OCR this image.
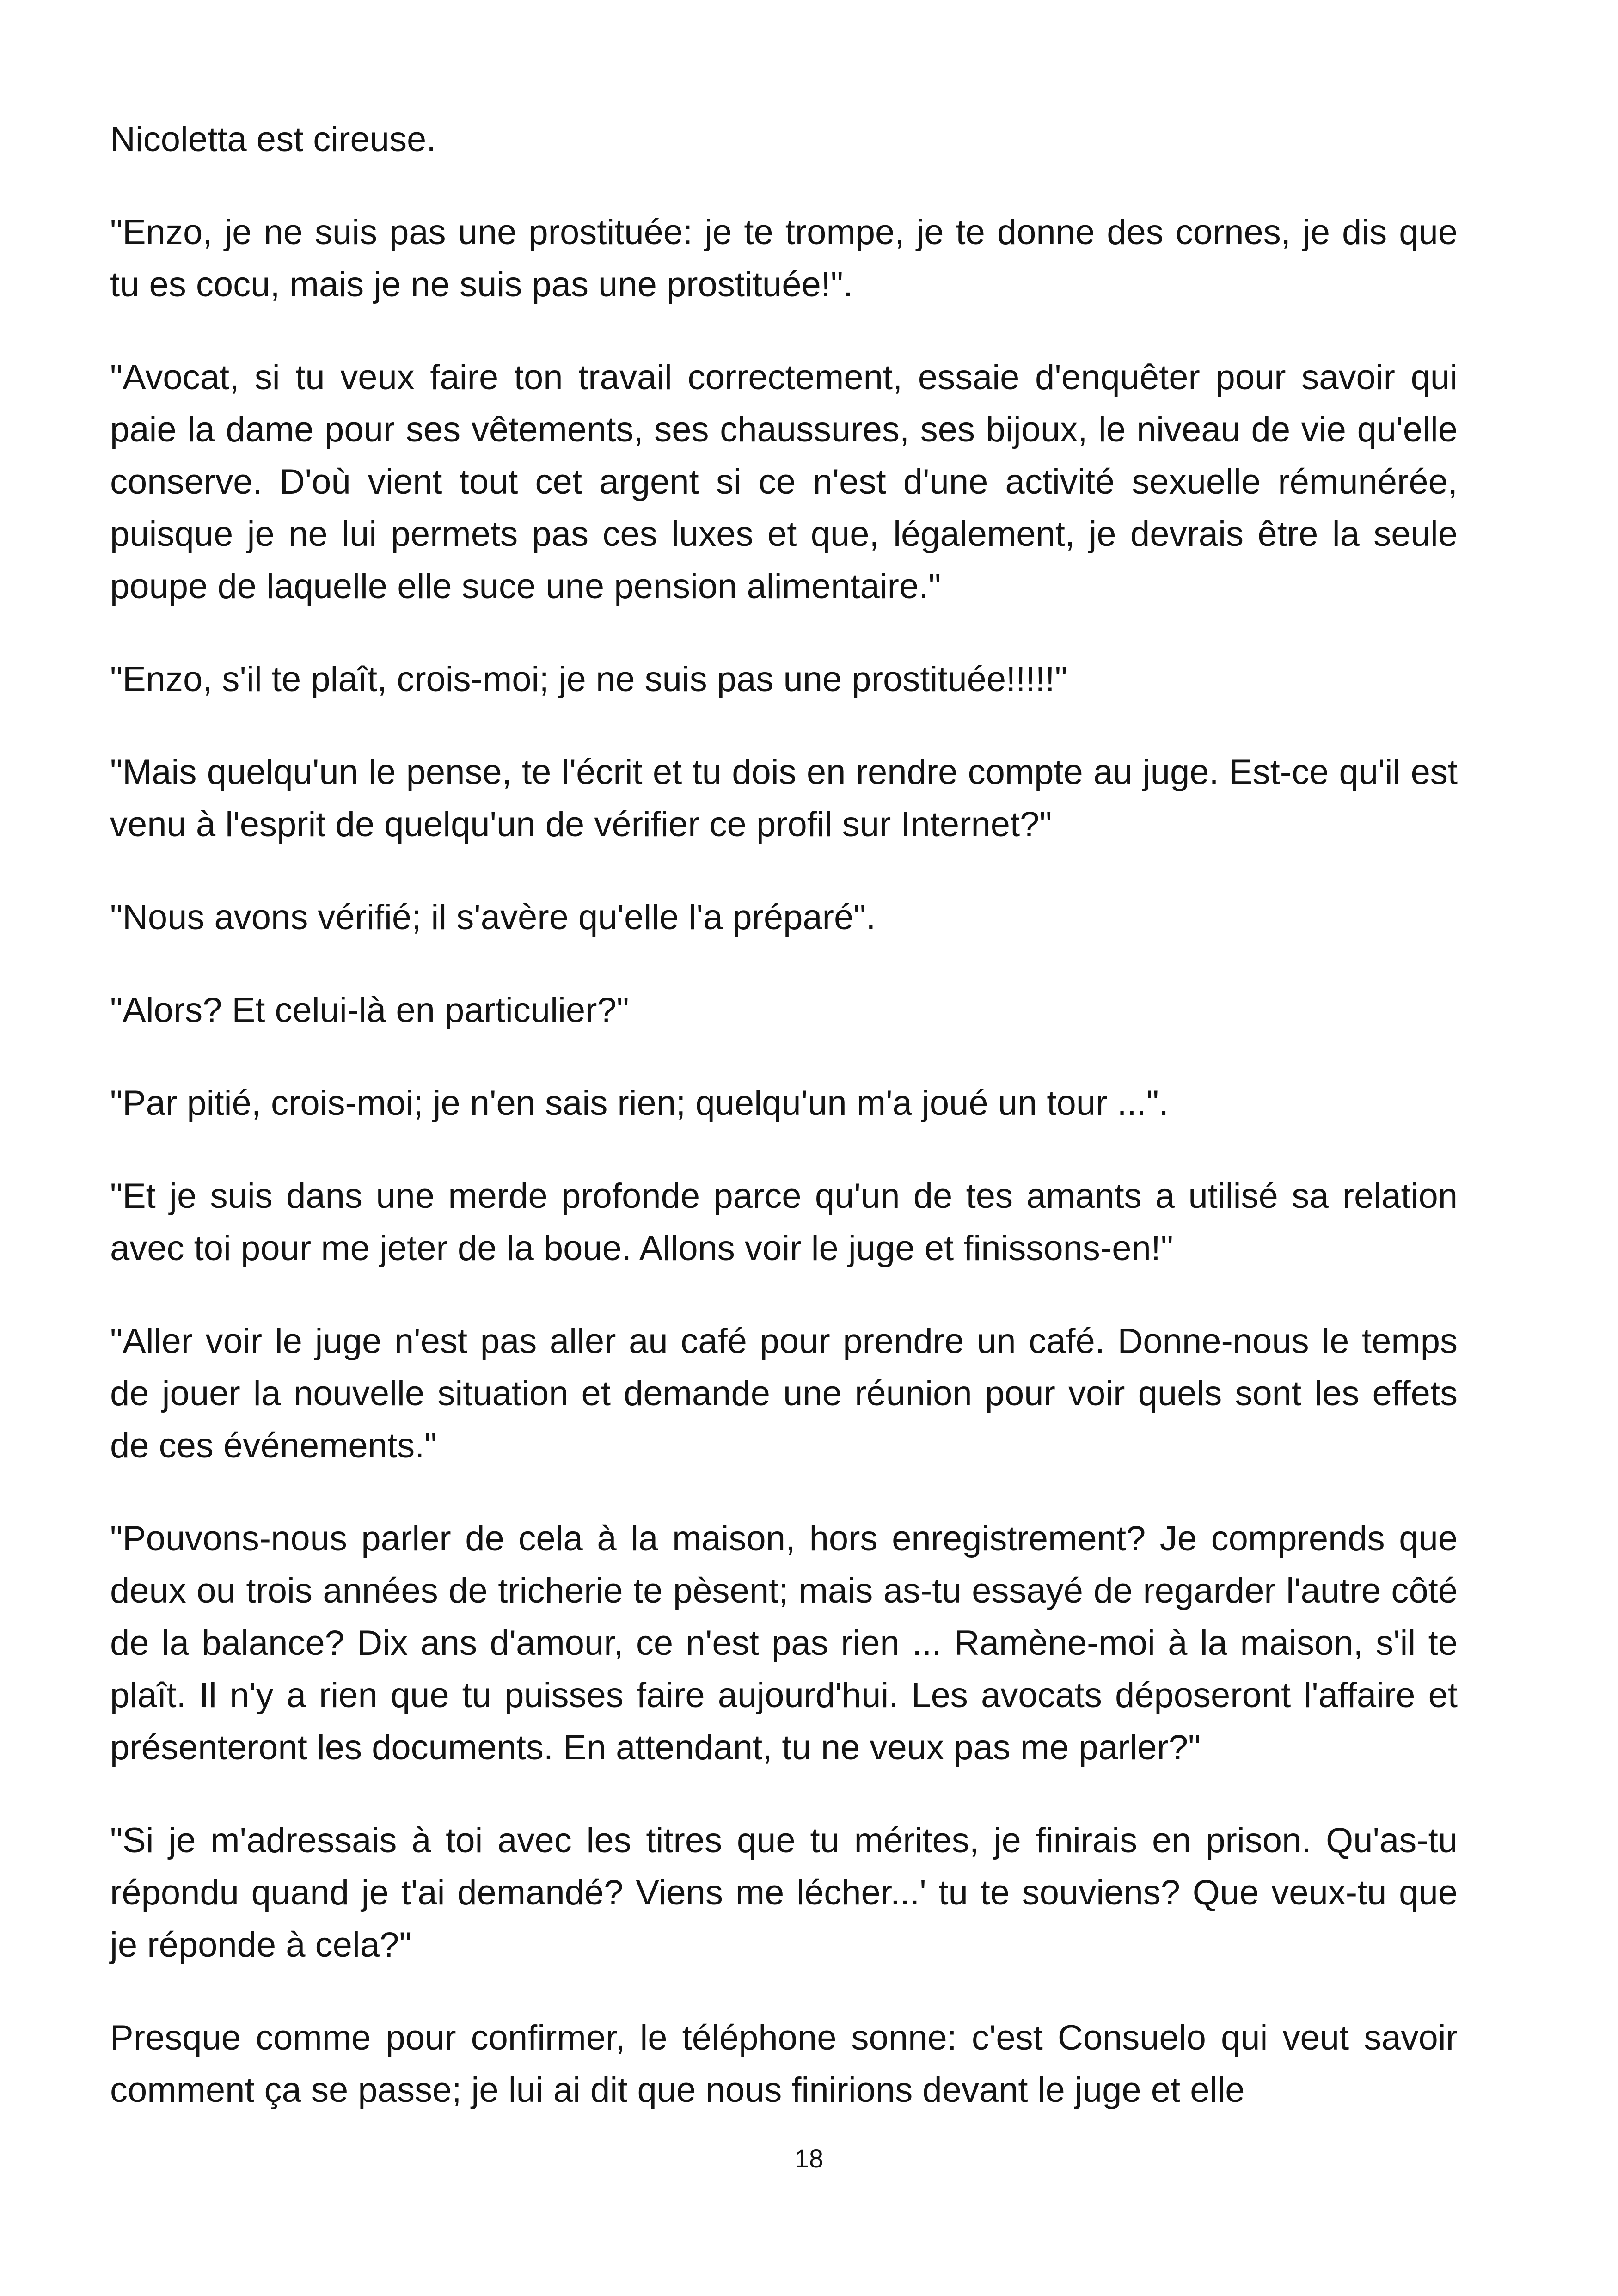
Nicoletta est cireuse.

"Enzo, je ne suis pas une prostituée: je te trompe, je te donne des cornes, je dis que tu es cocu, mais je ne suis pas une prostituée!".

"Avocat, si tu veux faire ton travail correctement, essaie d'enquêter pour savoir qui paie la dame pour ses vêtements, ses chaussures, ses bijoux, le niveau de vie qu'elle conserve. D'où vient tout cet argent si ce n'est d'une activité sexuelle rémunérée, puisque je ne lui permets pas ces luxes et que, légalement, je devrais être la seule poupe de laquelle elle suce une pension alimentaire."

"Enzo, s'il te plaît, crois-moi; je ne suis pas une prostituée!!!!!"

"Mais quelqu'un le pense, te l'écrit et tu dois en rendre compte au juge. Est-ce qu'il est venu à l'esprit de quelqu'un de vérifier ce profil sur Internet?"

"Nous avons vérifié; il s'avère qu'elle l'a préparé".

"Alors? Et celui-là en particulier?"

"Par pitié, crois-moi; je n'en sais rien; quelqu'un m'a joué un tour ...".

"Et je suis dans une merde profonde parce qu'un de tes amants a utilisé sa relation avec toi pour me jeter de la boue. Allons voir le juge et finissons-en!"

"Aller voir le juge n'est pas aller au café pour prendre un café. Donne-nous le temps de jouer la nouvelle situation et demande une réunion pour voir quels sont les effets de ces événements."

"Pouvons-nous parler de cela à la maison, hors enregistrement? Je comprends que deux ou trois années de tricherie te pèsent; mais as-tu essayé de regarder l'autre côté de la balance? Dix ans d'amour, ce n'est pas rien ... Ramène-moi à la maison, s'il te plaît. Il n'y a rien que tu puisses faire aujourd'hui. Les avocats déposeront l'affaire et présenteront les documents. En attendant, tu ne veux pas me parler?"

"Si je m'adressais à toi avec les titres que tu mérites, je finirais en prison. Qu'as-tu répondu quand je t'ai demandé? Viens me lécher...' tu te souviens? Que veux-tu que je réponde à cela?"

Presque comme pour confirmer, le téléphone sonne: c'est Consuelo qui veut savoir comment ça se passe; je lui ai dit que nous finirions devant le juge et elle

18
